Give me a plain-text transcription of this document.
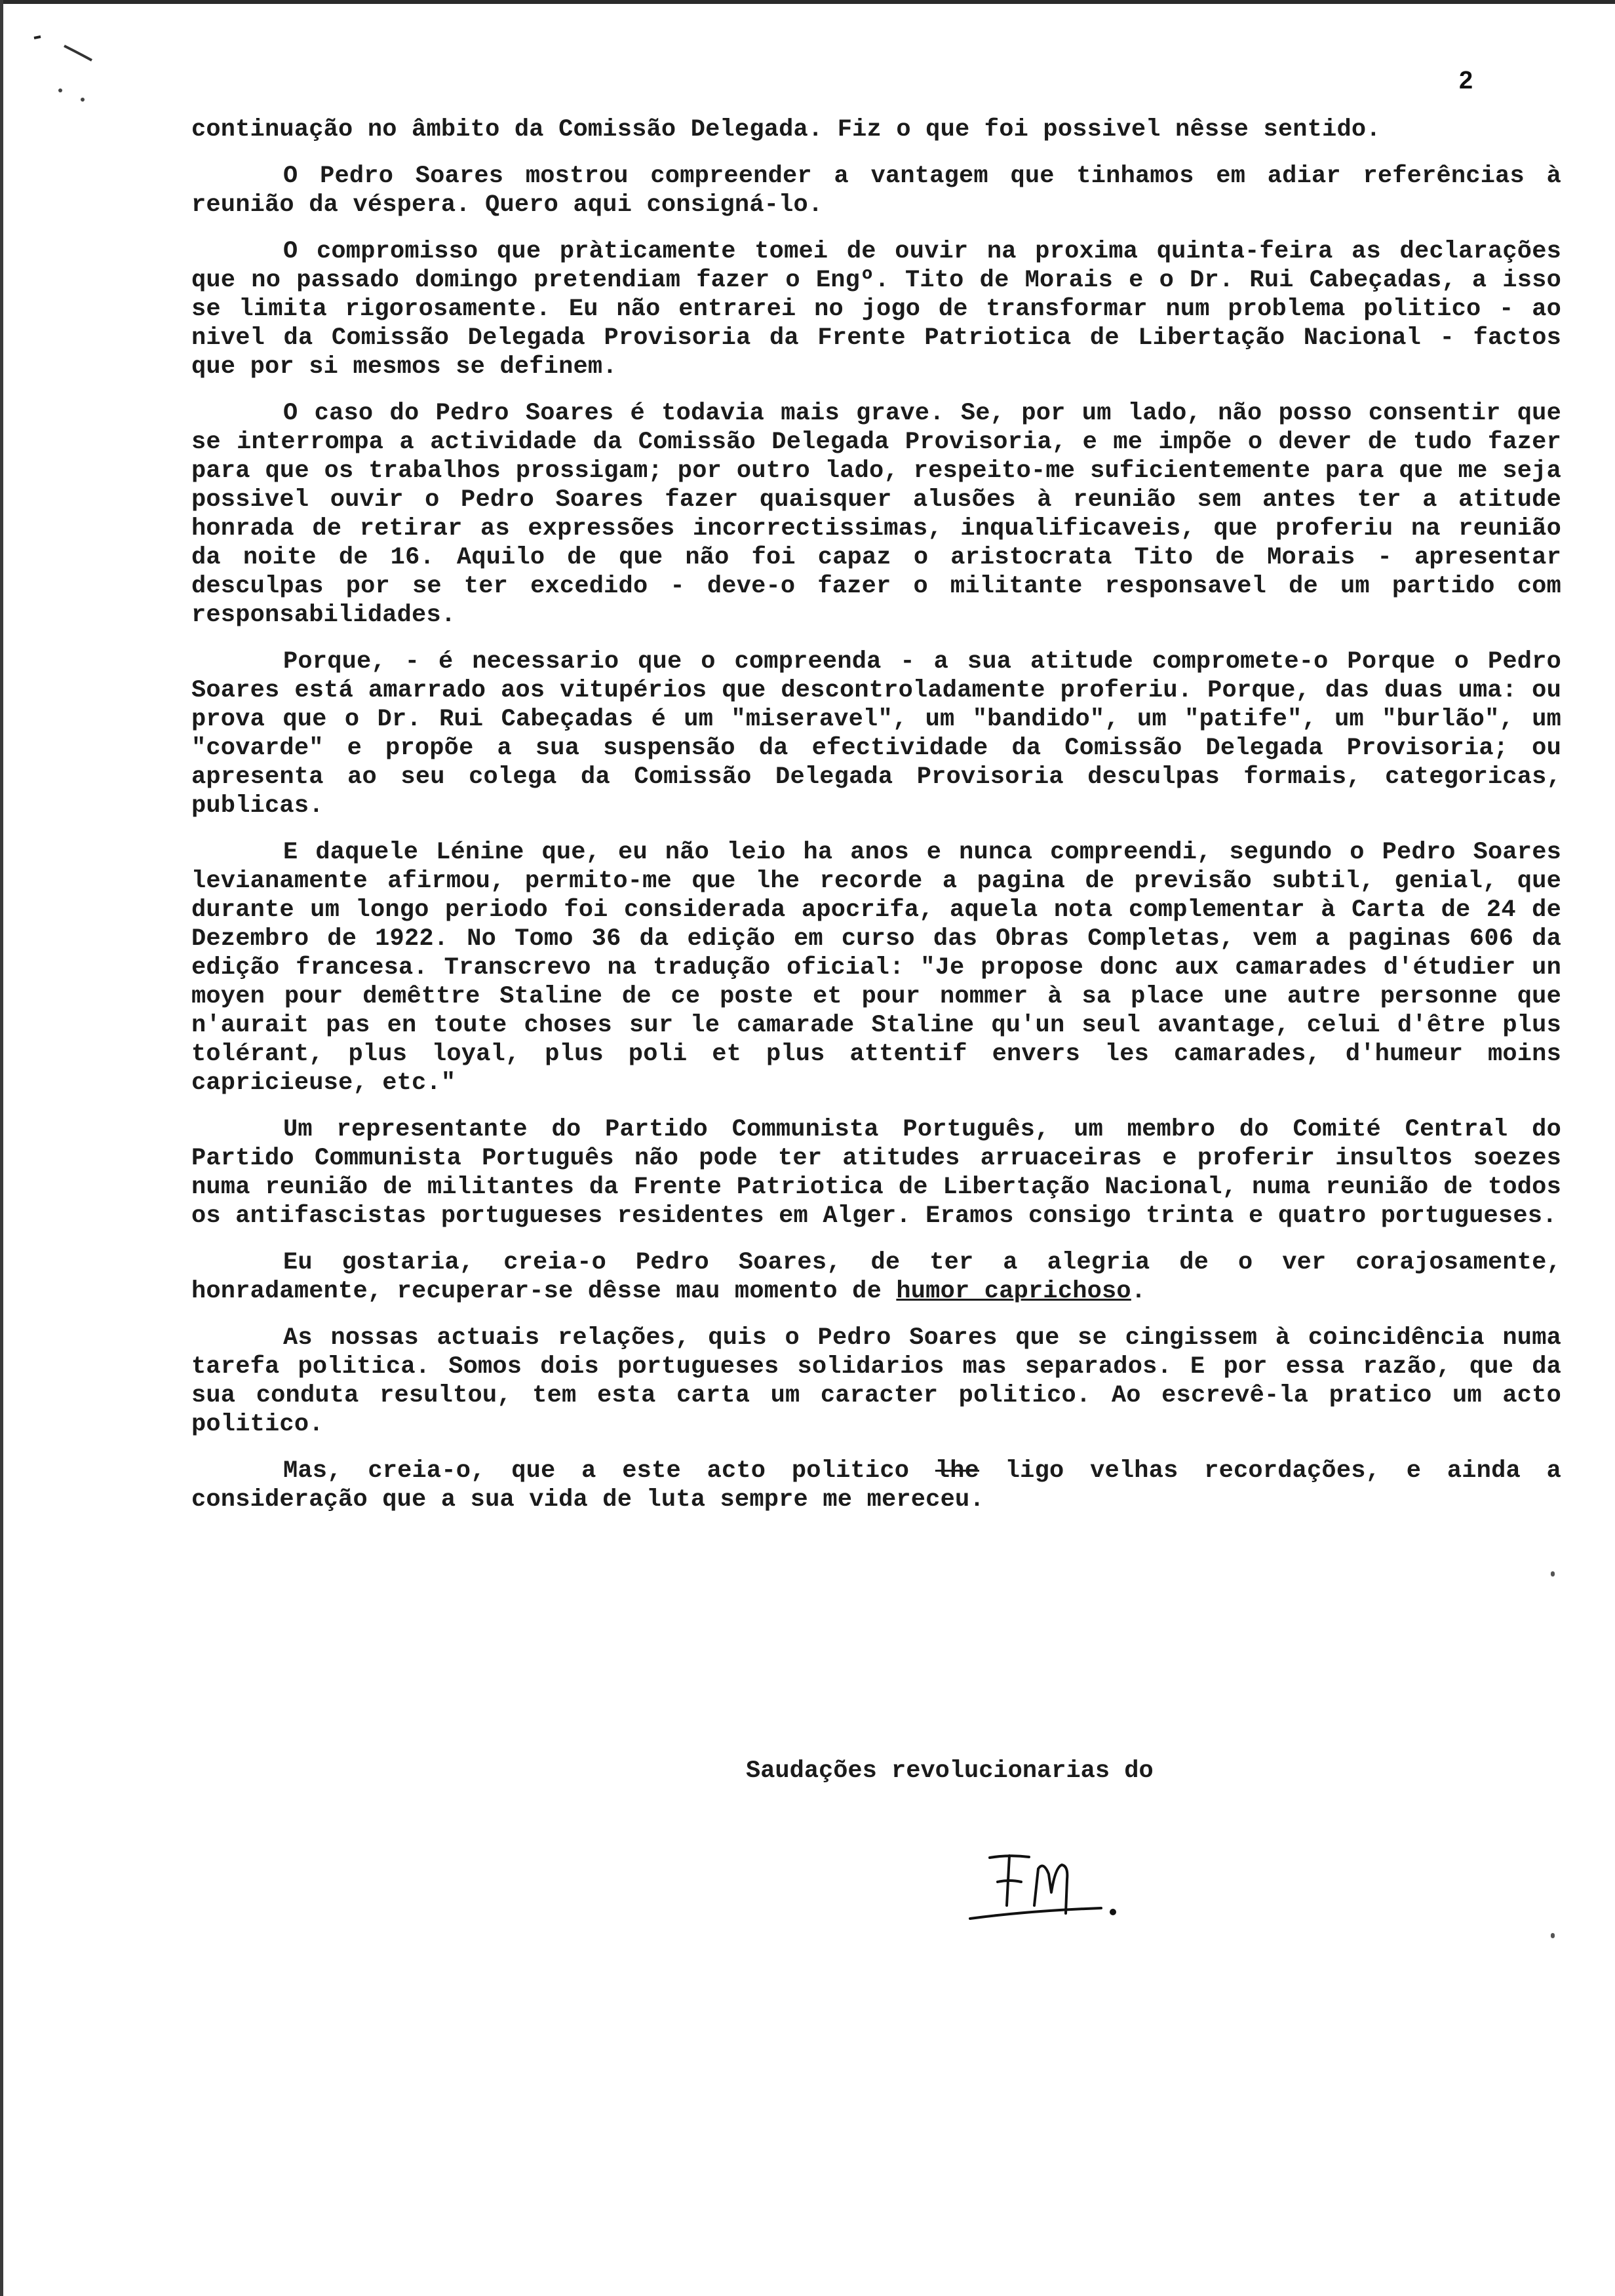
2

continuação no âmbito da Comissão Delegada. Fiz o que foi possivel nêsse sentido.

O Pedro Soares mostrou compreender a vantagem que tinhamos em adiar referências à reunião da véspera. Quero aqui consigná-lo.

O compromisso que pràticamente tomei de ouvir na proxima quinta-feira as declarações que no passado domingo pretendiam fazer o Engº. Tito de Morais e o Dr. Rui Cabeçadas, a isso se limita rigorosamente. Eu não entrarei no jogo de transformar num problema politico - ao nivel da Comissão Delegada Provisoria da Frente Patriotica de Libertação Nacional - factos que por si mesmos se definem.

O caso do Pedro Soares é todavia mais grave. Se, por um lado, não posso consentir que se interrompa a actividade da Comissão Delegada Provisoria, e me impõe o dever de tudo fazer para que os trabalhos prossigam; por outro lado, respeito-me suficientemente para que me seja possivel ouvir o Pedro Soares fazer quaisquer alusões à reunião sem antes ter a atitude honrada de retirar as expressões incorrectissimas, inqualificaveis, que proferiu na reunião da noite de 16. Aquilo de que não foi capaz o aristocrata Tito de Morais - apresentar desculpas por se ter excedido - deve-o fazer o militante responsavel de um partido com responsabilidades.

Porque, - é necessario que o compreenda - a sua atitude compromete-o Porque o Pedro Soares está amarrado aos vitupérios que descontroladamente proferiu. Porque, das duas uma: ou prova que o Dr. Rui Cabeçadas é um "miseravel", um "bandido", um "patife", um "burlão", um "covarde" e propõe a sua suspensão da efectividade da Comissão Delegada Provisoria; ou apresenta ao seu colega da Comissão Delegada Provisoria desculpas formais, categoricas, publicas.

E daquele Lénine que, eu não leio ha anos e nunca compreendi, segundo o Pedro Soares levianamente afirmou, permito-me que lhe recorde a pagina de previsão subtil, genial, que durante um longo periodo foi considerada apocrifa, aquela nota complementar à Carta de 24 de Dezembro de 1922. No Tomo 36 da edição em curso das Obras Completas, vem a paginas 606 da edição francesa. Transcrevo na tradução oficial: "Je propose donc aux camarades d'étudier un moyen pour demêttre Staline de ce poste et pour nommer à sa place une autre personne que n'aurait pas en toute choses sur le camarade Staline qu'un seul avantage, celui d'être plus tolérant, plus loyal, plus poli et plus attentif envers les camarades, d'humeur moins capricieuse, etc."

Um representante do Partido Communista Português, um membro do Comité Central do Partido Communista Português não pode ter atitudes arruaceiras e proferir insultos soezes numa reunião de militantes da Frente Patriotica de Libertação Nacional, numa reunião de todos os antifascistas portugueses residentes em Alger. Eramos consigo trinta e quatro portugueses.

Eu gostaria, creia-o Pedro Soares, de ter a alegria de o ver corajosamente, honradamente, recuperar-se dêsse mau momento de humor caprichoso.

As nossas actuais relações, quis o Pedro Soares que se cingissem à coincidência numa tarefa politica. Somos dois portugueses solidarios mas separados. E por essa razão, que da sua conduta resultou, tem esta carta um caracter politico. Ao escrevê-la pratico um acto politico.

Mas, creia-o, que a este acto politico lhe ligo velhas recordações, e ainda a consideração que a sua vida de luta sempre me mereceu.

Saudações revolucionarias do
